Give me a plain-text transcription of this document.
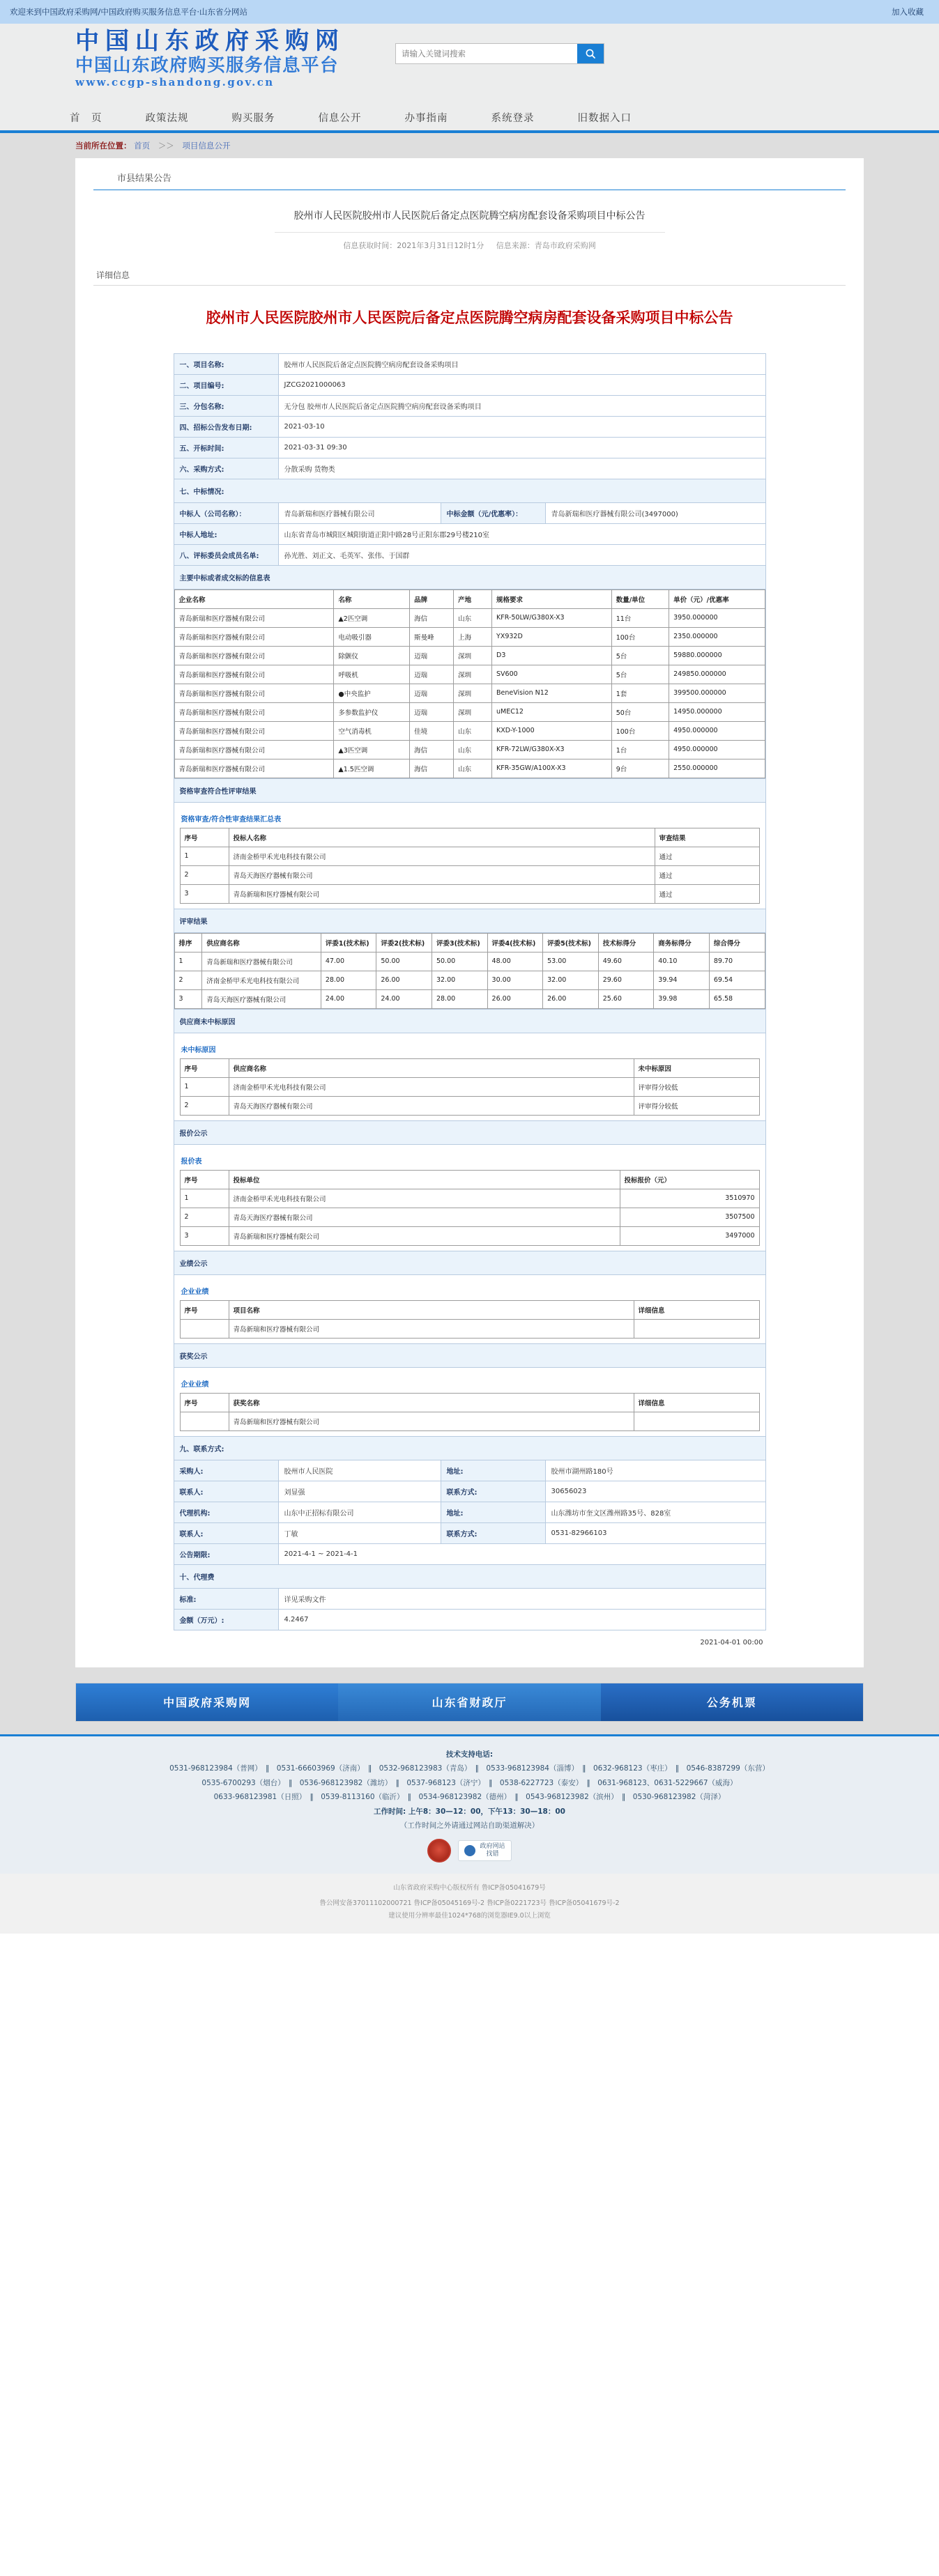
欢迎来到中国政府采购网/中国政府购买服务信息平台·山东省分网站	加入收藏
中国山东政府采购网
中国山东政府购买服务信息平台
www.ccgp-shandong.gov.cn
请输入关键词搜索
首　页	政策法规	购买服务	信息公开	办事指南	系统登录	旧数据入口
当前所在位置： 首页 ＞＞ 项目信息公开
市县结果公告
胶州市人民医院胶州市人民医院后备定点医院腾空病房配套设备采购项目中标公告
信息获取时间：2021年3月31日12时1分 信息来源：青岛市政府采购网
详细信息
胶州市人民医院胶州市人民医院后备定点医院腾空病房配套设备采购项目中标公告
一、项目名称:	胶州市人民医院后备定点医院腾空病房配套设备采购项目
二、项目编号:	JZCG2021000063
三、分包名称:	无分包 胶州市人民医院后备定点医院腾空病房配套设备采购项目
四、招标公告发布日期:	2021-03-10
五、开标时间:	2021-03-31 09:30
六、采购方式:	分散采购 货物类
七、中标情况:
中标人（公司名称）：	青岛新瑞和医疗器械有限公司	中标金额（元/优惠率）：	青岛新瑞和医疗器械有限公司(3497000)
中标人地址:	山东省青岛市城阳区城阳街道正阳中路28号正阳东郡29号楼210室
八、评标委员会成员名单:	孙光胜、刘正文、毛英军、张伟、于国群
主要中标或者成交标的信息表

企业名称	名称	品牌	产地	规格要求	数量/单位	单价（元）/优惠率
青岛新瑞和医疗器械有限公司	▲2匹空调	海信	山东	KFR-50LW/G380X-X3	11台	3950.000000
青岛新瑞和医疗器械有限公司	电动吸引器	斯曼峰	上海	YX932D	100台	2350.000000
青岛新瑞和医疗器械有限公司	除颤仪	迈瑞	深圳	D3	5台	59880.000000
青岛新瑞和医疗器械有限公司	呼吸机	迈瑞	深圳	SV600	5台	249850.000000
青岛新瑞和医疗器械有限公司	●中央监护	迈瑞	深圳	BeneVision N12	1套	399500.000000
青岛新瑞和医疗器械有限公司	多参数监护仪	迈瑞	深圳	uMEC12	50台	14950.000000
青岛新瑞和医疗器械有限公司	空气消毒机	佳境	山东	KXD-Y-1000	100台	4950.000000
青岛新瑞和医疗器械有限公司	▲3匹空调	海信	山东	KFR-72LW/G380X-X3	1台	4950.000000
青岛新瑞和医疗器械有限公司	▲1.5匹空调	海信	山东	KFR-35GW/A100X-X3	9台	2550.000000

资格审查符合性评审结果

资格审查/符合性审查结果汇总表
序号	投标人名称	审查结果
1	济南金桥甲禾光电科技有限公司	通过
2	青岛天海医疗器械有限公司	通过
3	青岛新瑞和医疗器械有限公司	通过

评审结果

排序	供应商名称	评委1(技术标)	评委2(技术标)	评委3(技术标)	评委4(技术标)	评委5(技术标)	技术标得分	商务标得分	综合得分
1	青岛新瑞和医疗器械有限公司	47.00	50.00	50.00	48.00	53.00	49.60	40.10	89.70
2	济南金桥甲禾光电科技有限公司	28.00	26.00	32.00	30.00	32.00	29.60	39.94	69.54
3	青岛天海医疗器械有限公司	24.00	24.00	28.00	26.00	26.00	25.60	39.98	65.58

供应商未中标原因

未中标原因
序号	供应商名称	未中标原因
1	济南金桥甲禾光电科技有限公司	评审得分较低
2	青岛天海医疗器械有限公司	评审得分较低

报价公示

报价表
序号	投标单位	投标报价（元）
1	济南金桥甲禾光电科技有限公司	3510970
2	青岛天海医疗器械有限公司	3507500
3	青岛新瑞和医疗器械有限公司	3497000

业绩公示

企业业绩
序号	项目名称	详细信息
	青岛新瑞和医疗器械有限公司	

获奖公示

企业业绩
序号	获奖名称	详细信息
	青岛新瑞和医疗器械有限公司	

九、联系方式:
采购人:	胶州市人民医院	地址:	胶州市湖州路180号
联系人:	刘显强	联系方式:	30656023
代理机构:	山东中正招标有限公司	地址:	山东潍坊市奎文区潍州路35号、828室
联系人:	丁敏	联系方式:	0531-82966103
公告期限:	2021-4-1 ~ 2021-4-1
十、代理费
标准:	详见采购文件
金额（万元）:	4.2467
2021-04-01 00:00
中国政府采购网	山东省财政厅	公务机票
技术支持电话:
0531-968123984（普网）　‖　0531-66603969（济南）　‖　0532-968123983（青岛）　‖　0533-968123984（淄博）　‖　0632-968123（枣庄）　‖　0546-8387299（东营）
0535-6700293（烟台）　‖　0536-968123982（潍坊）　‖　0537-968123（济宁）　‖　0538-6227723（泰安）　‖　0631-968123、0631-5229667（威海）
0633-968123981（日照）　‖　0539-8113160（临沂）　‖　0534-968123982（德州）　‖　0543-968123982（滨州）　‖　0530-968123982（菏泽）
工作时间: 上午8：30—12：00，下午13：30—18：00
（工作时间之外请通过网站自助渠道解决）
政府网站
找错
山东省政府采购中心版权所有 鲁ICP备05041679号
鲁公网安备37011102000721 鲁ICP备05045169号-2 鲁ICP备0221723号 鲁ICP备05041679号-2
建议使用分辨率最佳1024*768的浏览器IE9.0以上浏览
